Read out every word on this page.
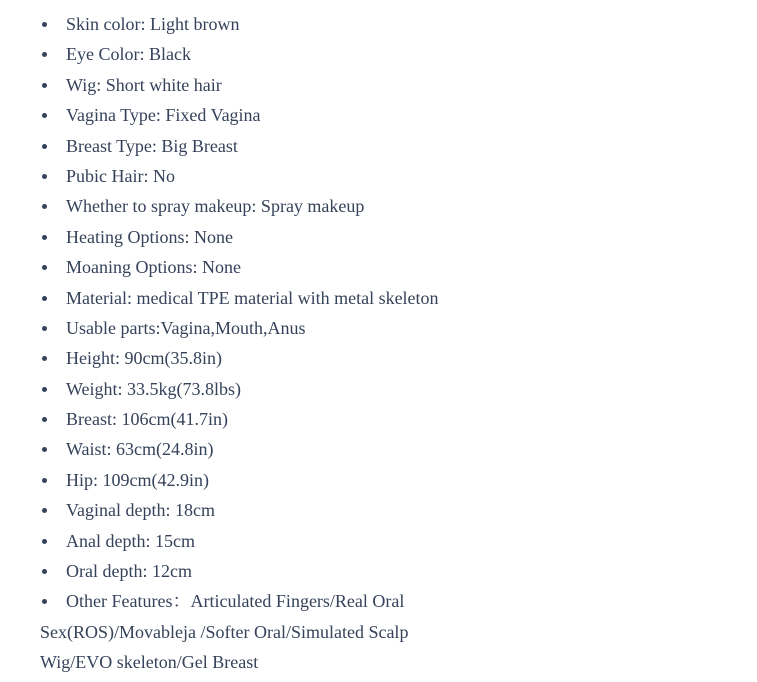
Skin color: Light brown
Eye Color: Black
Wig: Short white hair
Vagina Type: Fixed Vagina
Breast Type: Big Breast
Pubic Hair: No
Whether to spray makeup: Spray makeup
Heating Options: None
Moaning Options: None
Material: medical TPE material with metal skeleton
Usable parts:Vagina,Mouth,Anus
Height: 90cm(35.8in)
Weight: 33.5kg(73.8lbs)
Breast: 106cm(41.7in)
Waist: 63cm(24.8in)
Hip: 109cm(42.9in)
Vaginal depth: 18cm
Anal depth: 15cm
Oral depth: 12cm
Other Features：Articulated Fingers/Real Oral
Sex(ROS)/Movableja /Softer Oral/Simulated Scalp
Wig/EVO skeleton/Gel Breast
